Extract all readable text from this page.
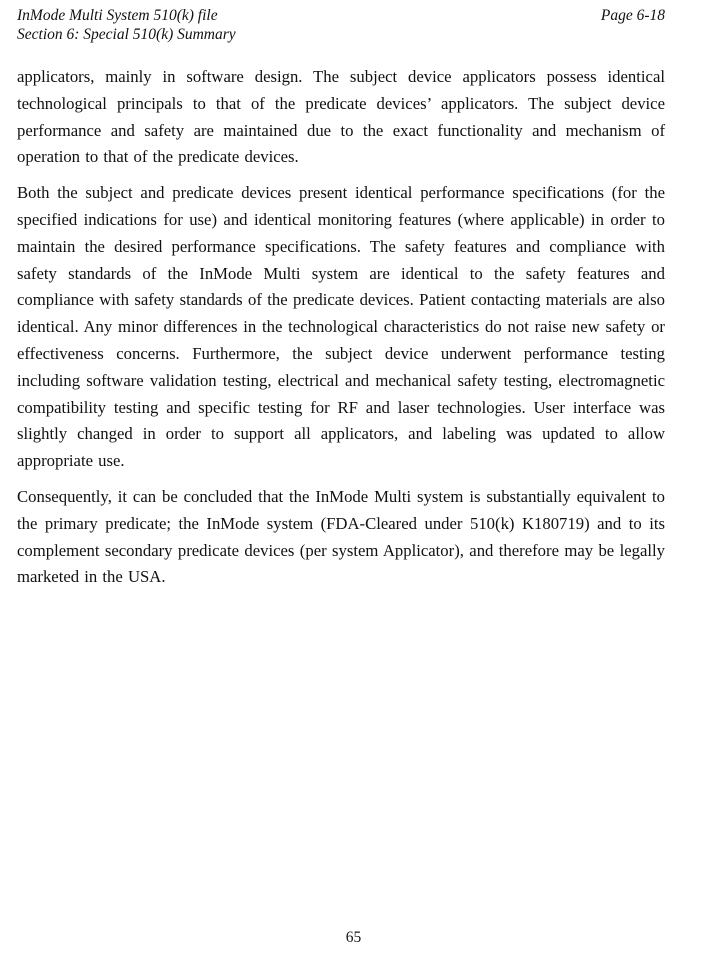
InMode Multi System 510(k) file
Section 6: Special 510(k) Summary
Page 6-18

applicators, mainly in software design. The subject device applicators possess identical technological principals to that of the predicate devices’ applicators. The subject device performance and safety are maintained due to the exact functionality and mechanism of operation to that of the predicate devices.

Both the subject and predicate devices present identical performance specifications (for the specified indications for use) and identical monitoring features (where applicable) in order to maintain the desired performance specifications. The safety features and compliance with safety standards of the InMode Multi system are identical to the safety features and compliance with safety standards of the predicate devices. Patient contacting materials are also identical. Any minor differences in the technological characteristics do not raise new safety or effectiveness concerns. Furthermore, the subject device underwent performance testing including software validation testing, electrical and mechanical safety testing, electromagnetic compatibility testing and specific testing for RF and laser technologies. User interface was slightly changed in order to support all applicators, and labeling was updated to allow appropriate use.

Consequently, it can be concluded that the InMode Multi system is substantially equivalent to the primary predicate; the InMode system (FDA-Cleared under 510(k) K180719) and to its complement secondary predicate devices (per system Applicator), and therefore may be legally marketed in the USA.

65
